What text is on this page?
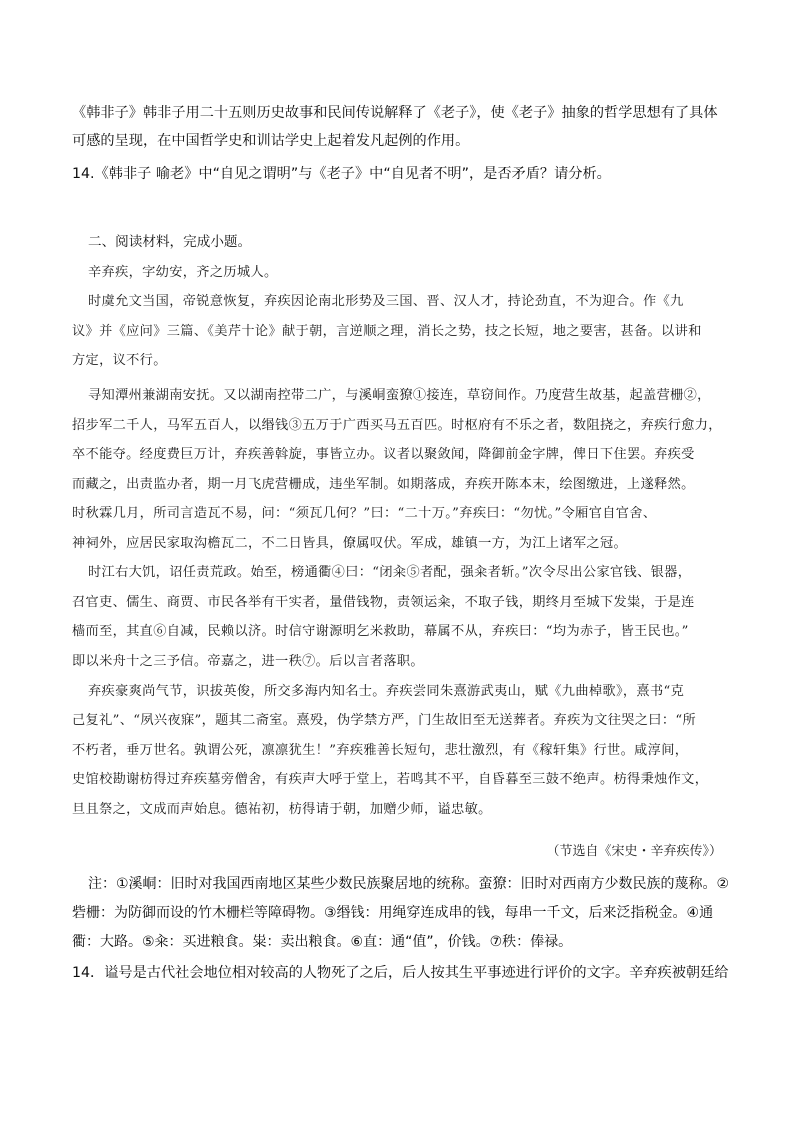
《韩非子》韩非子用二十五则历史故事和民间传说解释了《老子》，使《老子》抽象的哲学思想有了具体
可感的呈现，在中国哲学史和训诂学史上起着发凡起例的作用。
14.《韩非子 喻老》中“自见之谓明”与《老子》中“自见者不明”，是否矛盾？请分析。
二、阅读材料，完成小题。
辛弃疾，字幼安，齐之历城人。
时虞允文当国，帝锐意恢复，弃疾因论南北形势及三国、晋、汉人才，持论劲直，不为迎合。作《九
议》并《应问》三篇、《美芹十论》献于朝，言逆顺之理，消长之势，技之长短，地之要害，甚备。以讲和
方定，议不行。
寻知潭州兼湖南安抚。又以湖南控带二广，与溪峒蛮獠①接连，草窃间作。乃度营生故基，起盖营栅②，
招步军二千人，马军五百人，以缗钱③五万于广西买马五百匹。时枢府有不乐之者，数阻挠之，弃疾行愈力，
卒不能夺。经度费巨万计，弃疾善斡旋，事皆立办。议者以聚敛闻，降御前金字牌，俾日下住罢。弃疾受
而藏之，出责监办者，期一月飞虎营栅成，违坐军制。如期落成，弃疾开陈本末，绘图缴进，上遂释然。
时秋霖几月，所司言造瓦不易，问：“须瓦几何？”曰：“二十万。”弃疾曰：“勿忧。”令厢官自官舍、
神祠外，应居民家取沟檐瓦二，不二日皆具，僚属叹伏。军成，雄镇一方，为江上诸军之冠。
时江右大饥，诏任责荒政。始至，榜通衢④曰：“闭籴⑤者配，强籴者斩。”次令尽出公家官钱、银器，
召官吏、儒生、商贾、市民各举有干实者，量借钱物，责领运籴，不取子钱，期终月至城下发粜，于是连
樯而至，其直⑥自减，民赖以济。时信守谢源明乞米救助，幕属不从，弃疾曰：“均为赤子，皆王民也。”
即以米舟十之三予信。帝嘉之，进一秩⑦。后以言者落职。
弃疾豪爽尚气节，识拔英俊，所交多海内知名士。弃疾尝同朱熹游武夷山，赋《九曲棹歌》，熹书“克
己复礼”、“夙兴夜寐”，题其二斋室。熹殁，伪学禁方严，门生故旧至无送葬者。弃疾为文往哭之曰：“所
不朽者，垂万世名。孰谓公死，凛凛犹生！”弃疾雅善长短句，悲壮激烈，有《稼轩集》行世。咸淳间，
史馆校勘谢枋得过弃疾墓旁僧舍，有疾声大呼于堂上，若鸣其不平，自昏暮至三鼓不绝声。枋得秉烛作文，
旦且祭之，文成而声始息。德祐初，枋得请于朝，加赠少师，谥忠敏。
（节选自《宋史・辛弃疾传》）
注：①溪峒：旧时对我国西南地区某些少数民族聚居地的统称。蛮獠：旧时对西南方少数民族的蔑称。②
砦栅：为防御而设的竹木栅栏等障碍物。③缗钱：用绳穿连成串的钱，每串一千文，后来泛指税金。④通
衢：大路。⑤籴：买进粮食。粜：卖出粮食。⑥直：通“值”，价钱。⑦秩：俸禄。
14．谥号是古代社会地位相对较高的人物死了之后，后人按其生平事迹进行评价的文字。辛弃疾被朝廷给
